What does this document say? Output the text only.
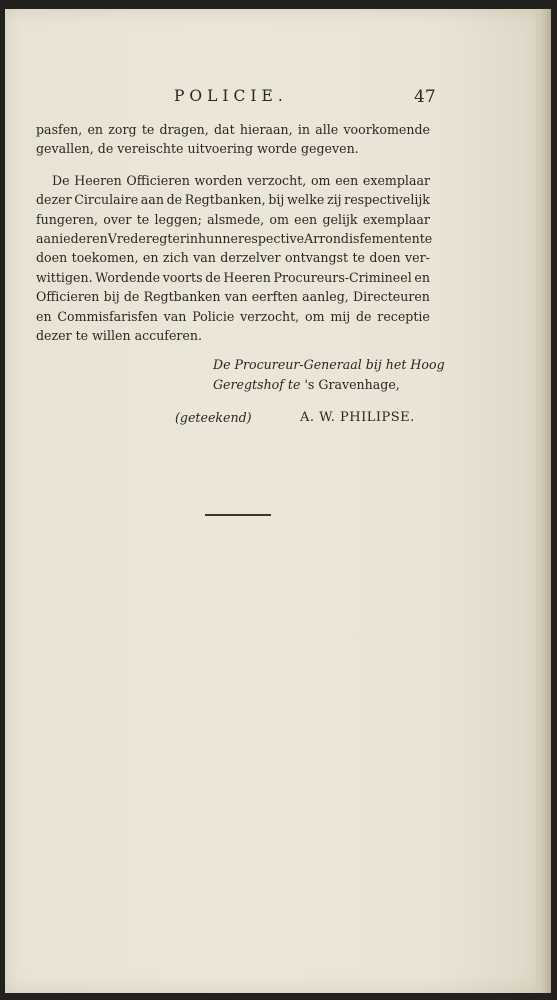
POLICIE.	47
pasfen, en zorg te dragen, dat hieraan, in alle voorkomende
gevallen, de vereischte uitvoering worde gegeven.
De Heeren Officieren worden verzocht, om een exemplaar
dezer Circulaire aan de Regtbanken, bij welke zij respectivelijk
fungeren, over te leggen; alsmede, om een gelijk exemplaar
aan iederen Vrederegter in hunne respective Arrondisfementen te
doen toekomen, en zich van derzelver ontvangst te doen ver-
wittigen. Wordende voorts de Heeren Procureurs-Crimineel en
Officieren bij de Regtbanken van eerften aanleg, Directeuren
en Commisfarisfen van Policie verzocht, om mij de receptie
dezer te willen accuferen.
De Procureur-Generaal bij het Hoog
Geregtshof te 's Gravenhage,
(geteekend)	A. W. PHILIPSE.
